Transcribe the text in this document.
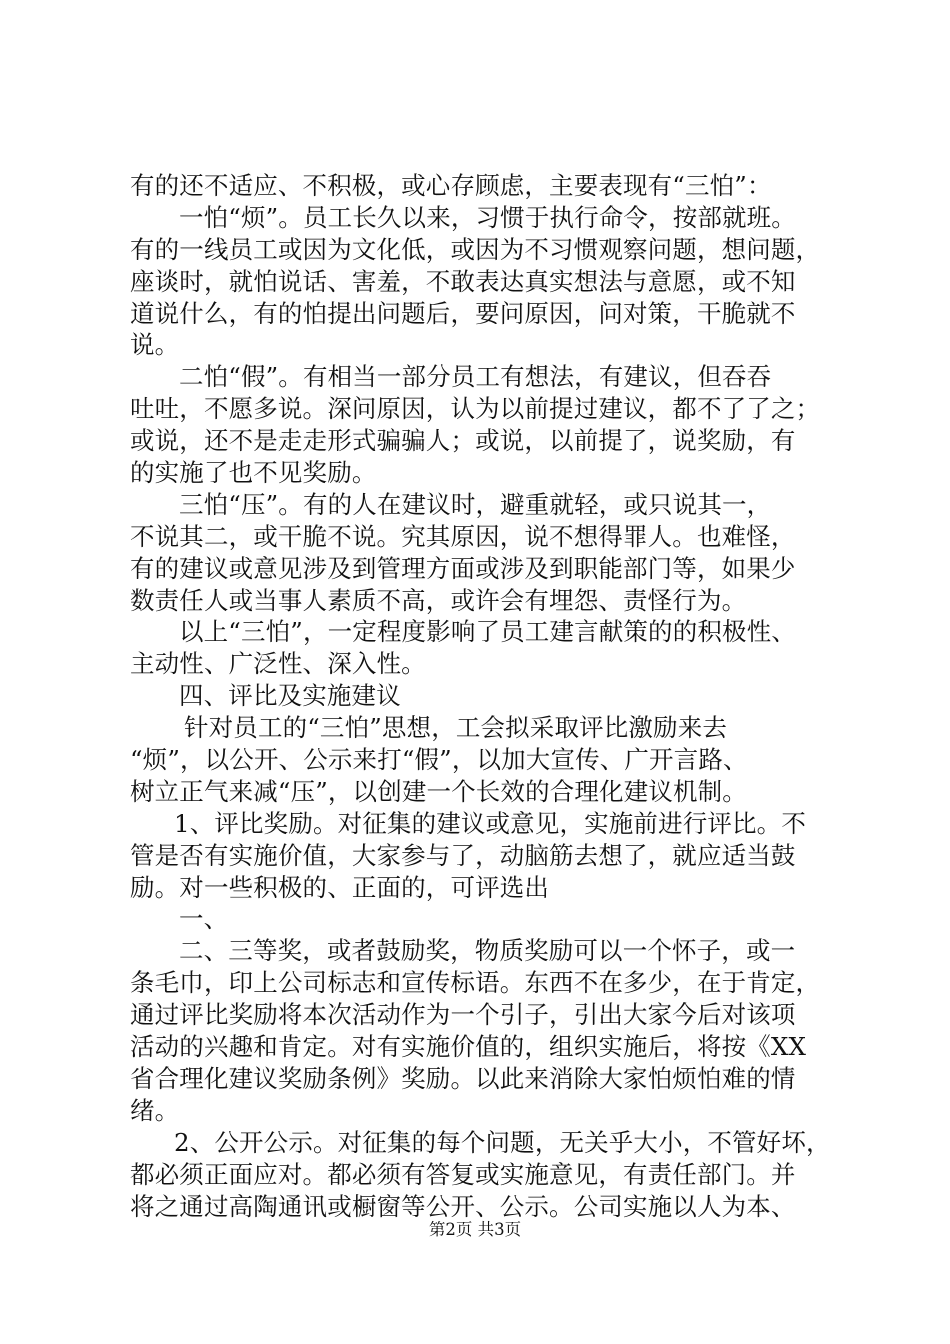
有的还不适应、不积极，或心存顾虑，主要表现有“三怕”：
一怕“烦”。员工长久以来，习惯于执行命令，按部就班。
有的一线员工或因为文化低，或因为不习惯观察问题，想问题，
座谈时，就怕说话、害羞，不敢表达真实想法与意愿，或不知
道说什么，有的怕提出问题后，要问原因，问对策，干脆就不
说。
二怕“假”。有相当一部分员工有想法，有建议，但吞吞
吐吐，不愿多说。深问原因，认为以前提过建议，都不了了之；
或说，还不是走走形式骗骗人；或说，以前提了，说奖励，有
的实施了也不见奖励。
三怕“压”。有的人在建议时，避重就轻，或只说其一，
不说其二，或干脆不说。究其原因，说不想得罪人。也难怪，
有的建议或意见涉及到管理方面或涉及到职能部门等，如果少
数责任人或当事人素质不高，或许会有埋怨、责怪行为。
以上“三怕”，一定程度影响了员工建言献策的的积极性、
主动性、广泛性、深入性。
四、评比及实施建议
针对员工的“三怕”思想，工会拟采取评比激励来去
“烦”，以公开、公示来打“假”，以加大宣传、广开言路、
树立正气来减“压”，以创建一个长效的合理化建议机制。
1、评比奖励。对征集的建议或意见，实施前进行评比。不
管是否有实施价值，大家参与了，动脑筋去想了，就应适当鼓
励。对一些积极的、正面的，可评选出
一、
二、三等奖，或者鼓励奖，物质奖励可以一个怀子，或一
条毛巾，印上公司标志和宣传标语。东西不在多少，在于肯定，
通过评比奖励将本次活动作为一个引子，引出大家今后对该项
活动的兴趣和肯定。对有实施价值的，组织实施后，将按《XX
省合理化建议奖励条例》奖励。以此来消除大家怕烦怕难的情
绪。
2、公开公示。对征集的每个问题，无关乎大小，不管好坏，
都必须正面应对。都必须有答复或实施意见，有责任部门。并
将之通过高陶通讯或橱窗等公开、公示。公司实施以人为本、
第2页 共3页
